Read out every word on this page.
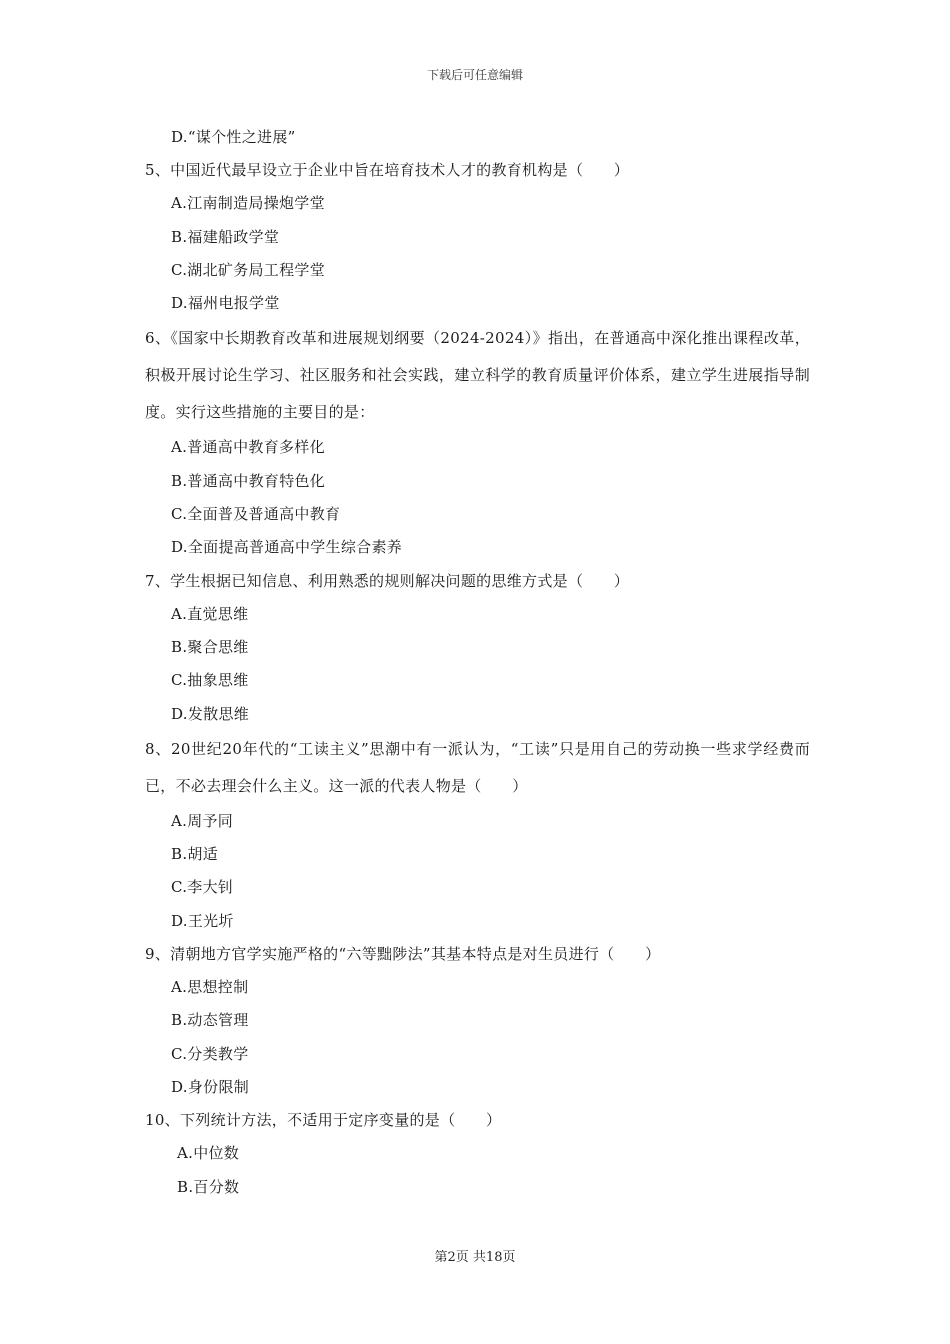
下载后可任意编辑
D.“谋个性之进展”
5、中国近代最早设立于企业中旨在培育技术人才的教育机构是（　　）
A.江南制造局操炮学堂
B.福建船政学堂
C.湖北矿务局工程学堂
D.福州电报学堂
6、《国家中长期教育改革和进展规划纲要（2024-2024）》指出，在普通高中深化推出课程改革，积极开展讨论生学习、社区服务和社会实践，建立科学的教育质量评价体系，建立学生进展指导制度。实行这些措施的主要目的是：
A.普通高中教育多样化
B.普通高中教育特色化
C.全面普及普通高中教育
D.全面提高普通高中学生综合素养
7、学生根据已知信息、利用熟悉的规则解决问题的思维方式是（　　）
A.直觉思维
B.聚合思维
C.抽象思维
D.发散思维
8、20世纪20年代的“工读主义”思潮中有一派认为，“工读”只是用自己的劳动换一些求学经费而已，不必去理会什么主义。这一派的代表人物是（　　）
A.周予同
B.胡适
C.李大钊
D.王光圻
9、清朝地方官学实施严格的“六等黜陟法”其基本特点是对生员进行（　　）
A.思想控制
B.动态管理
C.分类教学
D.身份限制
10、下列统计方法，不适用于定序变量的是（　　）
A.中位数
B.百分数
第2页 共18页
